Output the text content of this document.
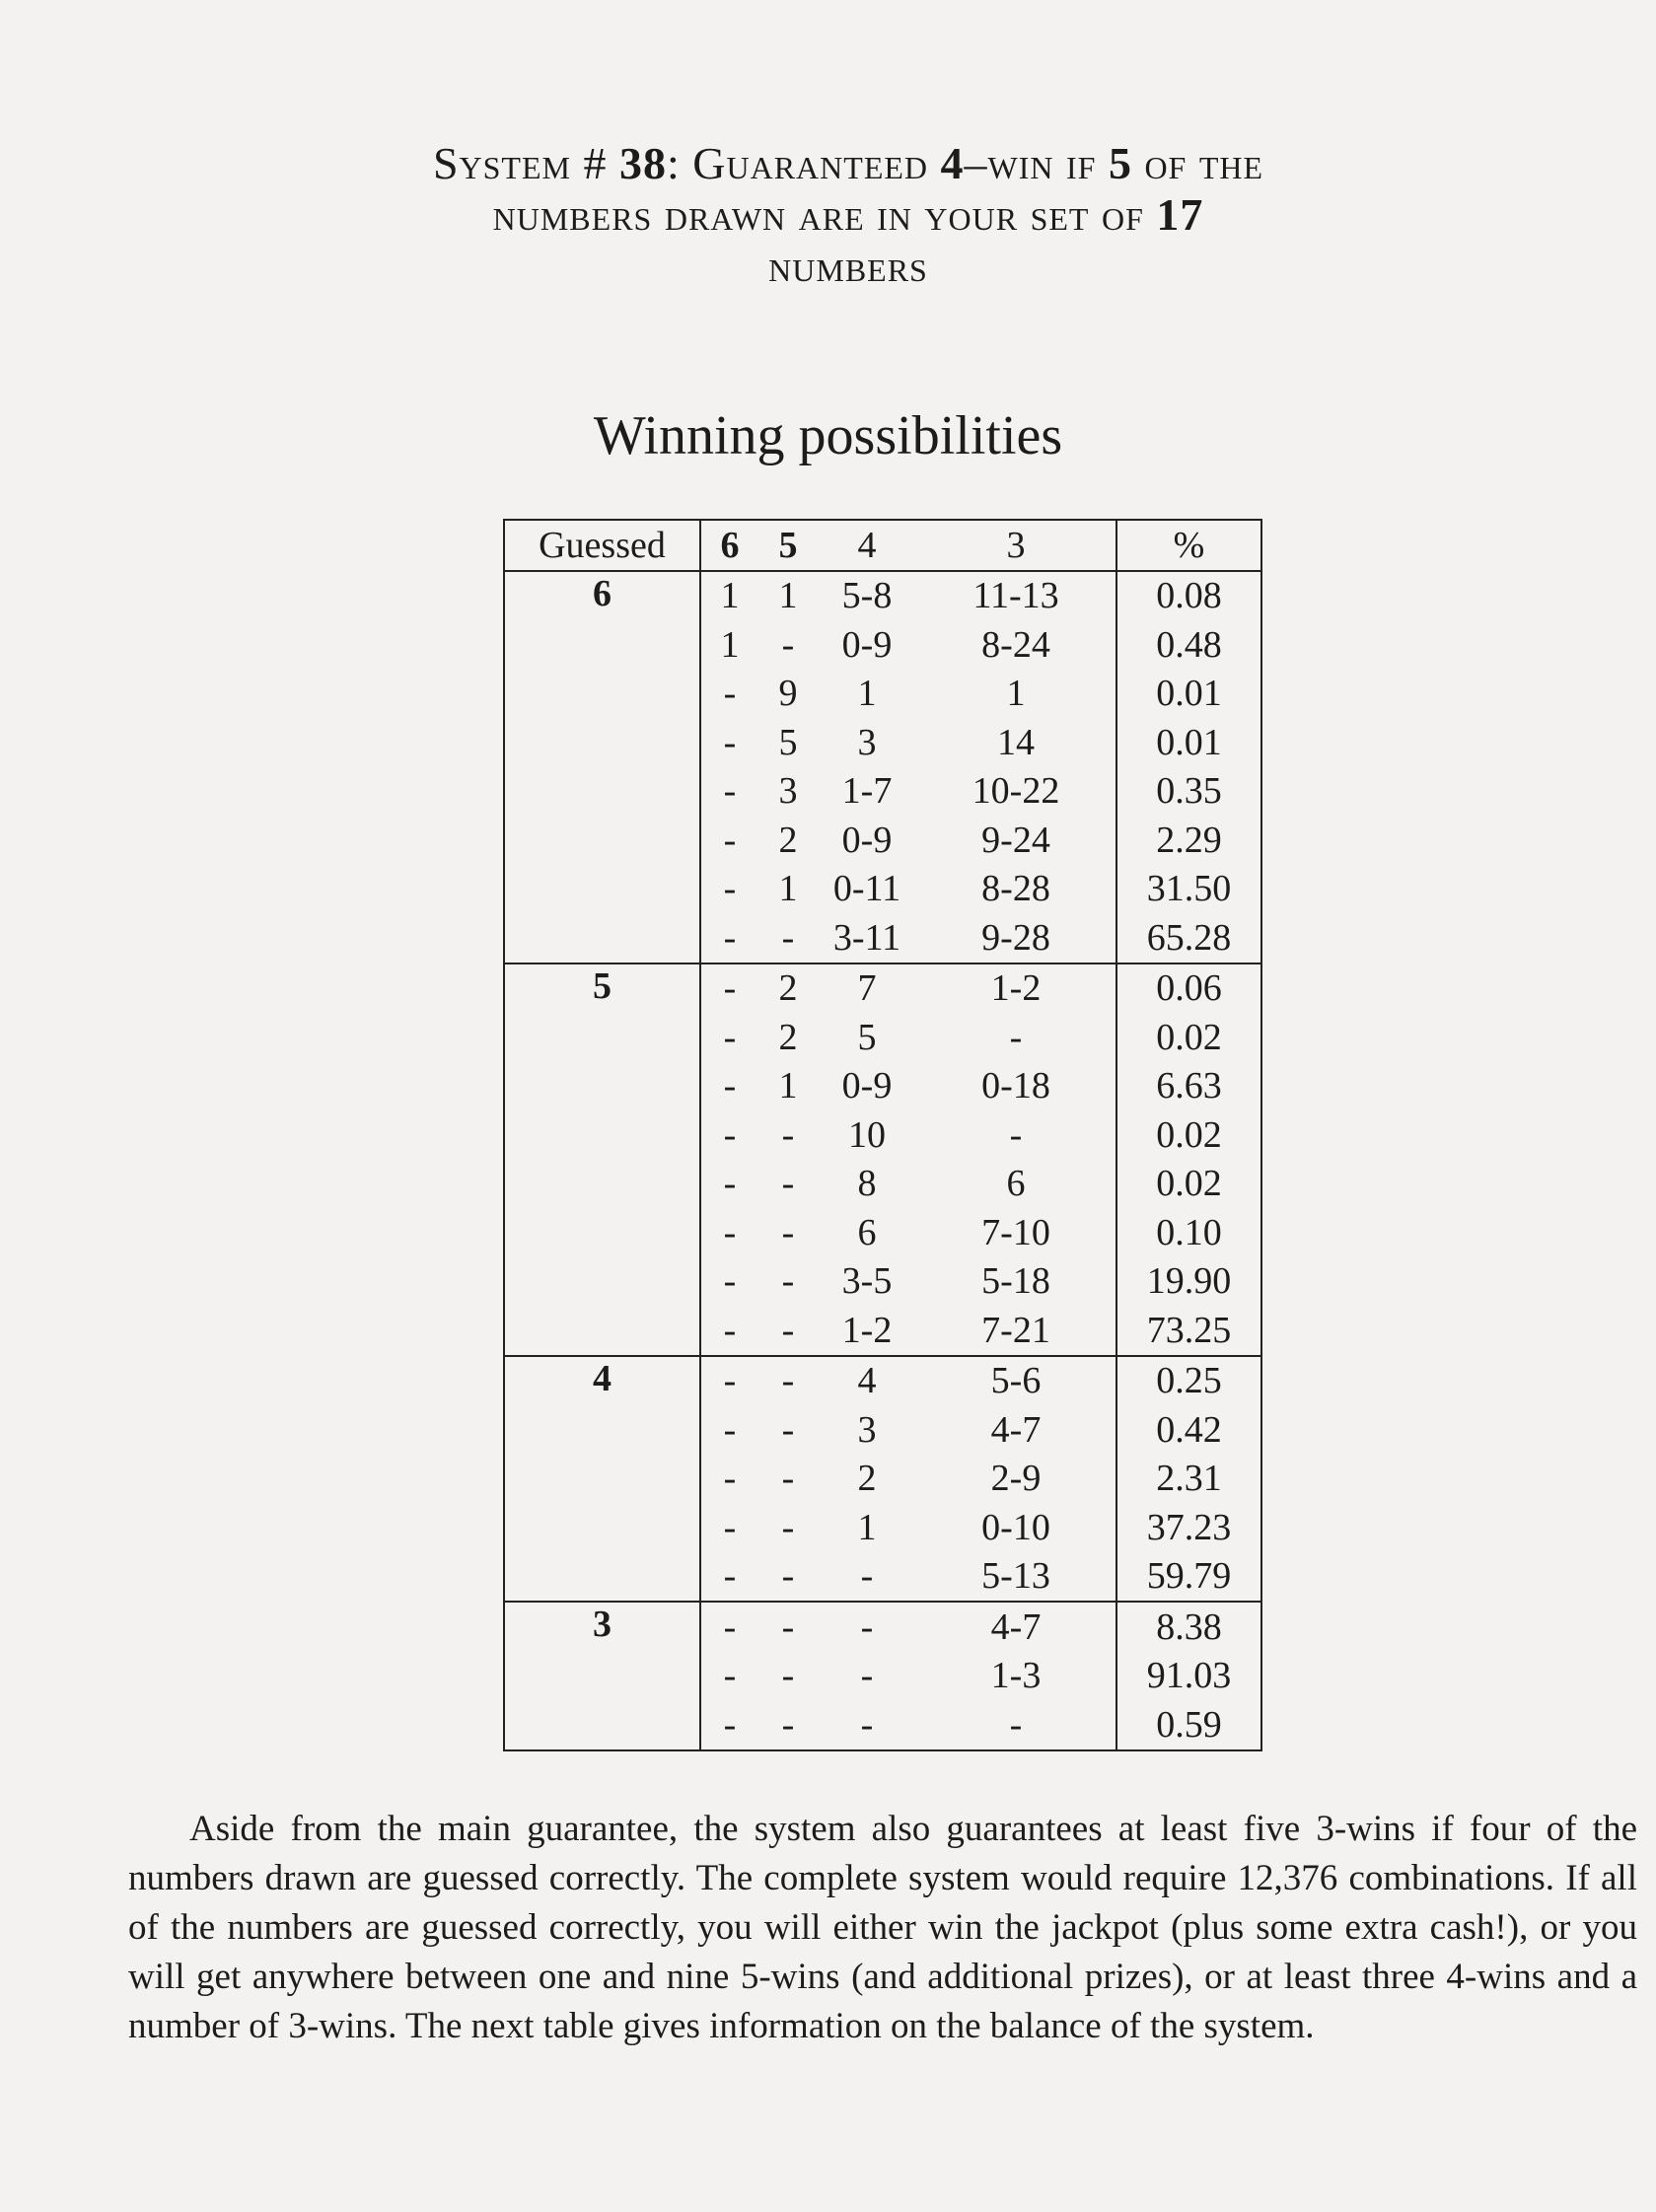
System # 38: Guaranteed 4–win if 5 of the
numbers drawn are in your set of 17
numbers
Winning possibilities
Guessed	6	5	4	3	%
6	1	1	5-8	11-13	0.08
	1	-	0-9	8-24	0.48
	-	9	1	1	0.01
	-	5	3	14	0.01
	-	3	1-7	10-22	0.35
	-	2	0-9	9-24	2.29
	-	1	0-11	8-28	31.50
	-	-	3-11	9-28	65.28
5	-	2	7	1-2	0.06
	-	2	5	-	0.02
	-	1	0-9	0-18	6.63
	-	-	10	-	0.02
	-	-	8	6	0.02
	-	-	6	7-10	0.10
	-	-	3-5	5-18	19.90
	-	-	1-2	7-21	73.25
4	-	-	4	5-6	0.25
	-	-	3	4-7	0.42
	-	-	2	2-9	2.31
	-	-	1	0-10	37.23
	-	-	-	5-13	59.79
3	-	-	-	4-7	8.38
	-	-	-	1-3	91.03
	-	-	-	-	0.59
Aside from the main guarantee, the system also guarantees at least five 3-wins if four of the numbers drawn are guessed correctly. The complete system would require 12,376 combinations. If all of the numbers are guessed correctly, you will either win the jackpot (plus some extra cash!), or you will get anywhere between one and nine 5-wins (and additional prizes), or at least three 4-wins and a number of 3-wins. The next table gives information on the balance of the system.
